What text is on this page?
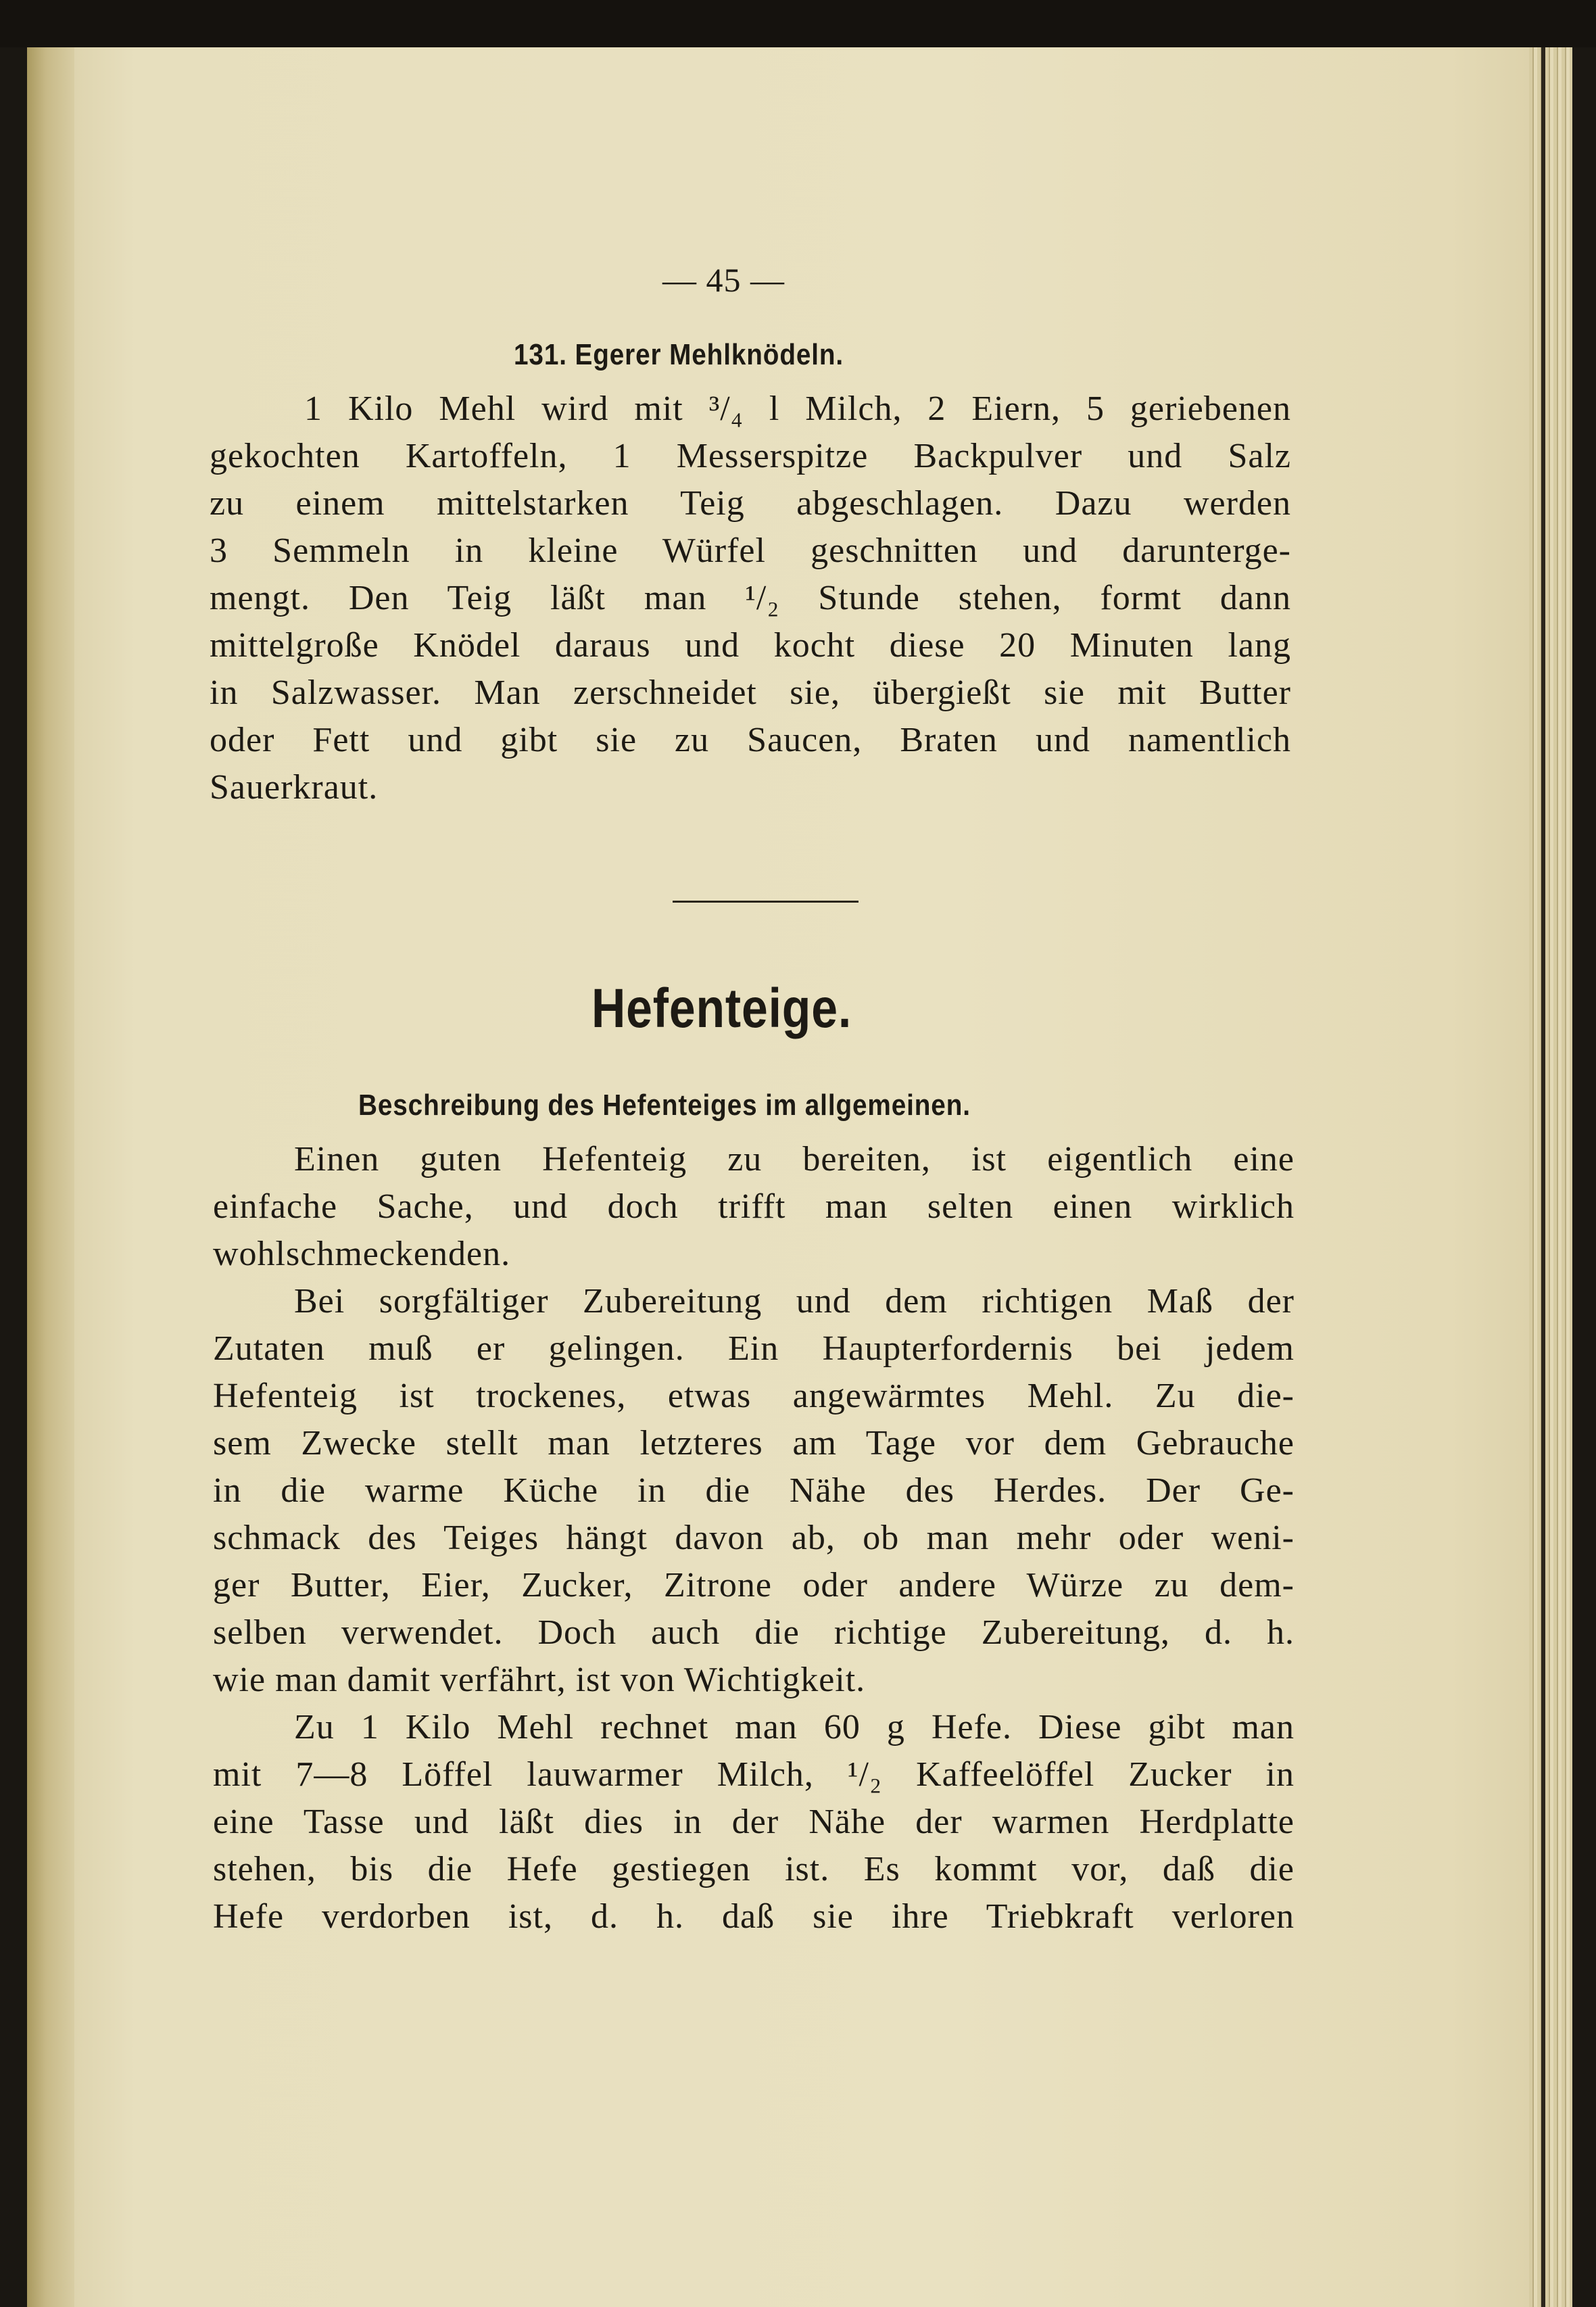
— 45 —
131. Egerer Mehlknödeln.
1 Kilo Mehl wird mit ³/₄ l Milch, 2 Eiern, 5 geriebenen
gekochten Kartoffeln, 1 Messerspitze Backpulver und Salz
zu einem mittelstarken Teig abgeschlagen. Dazu werden
3 Semmeln in kleine Würfel geschnitten und darunterge-
mengt. Den Teig läßt man ¹/₂ Stunde stehen, formt dann
mittelgroße Knödel daraus und kocht diese 20 Minuten lang
in Salzwasser. Man zerschneidet sie, übergießt sie mit Butter
oder Fett und gibt sie zu Saucen, Braten und namentlich
Sauerkraut.
Hefenteige.
Beschreibung des Hefenteiges im allgemeinen.
Einen guten Hefenteig zu bereiten, ist eigentlich eine
einfache Sache, und doch trifft man selten einen wirklich
wohlschmeckenden.
Bei sorgfältiger Zubereitung und dem richtigen Maß der
Zutaten muß er gelingen. Ein Haupterfordernis bei jedem
Hefenteig ist trockenes, etwas angewärmtes Mehl. Zu die-
sem Zwecke stellt man letzteres am Tage vor dem Gebrauche
in die warme Küche in die Nähe des Herdes. Der Ge-
schmack des Teiges hängt davon ab, ob man mehr oder weni-
ger Butter, Eier, Zucker, Zitrone oder andere Würze zu dem-
selben verwendet. Doch auch die richtige Zubereitung, d. h.
wie man damit verfährt, ist von Wichtigkeit.
Zu 1 Kilo Mehl rechnet man 60 g Hefe. Diese gibt man
mit 7—8 Löffel lauwarmer Milch, ¹/₂ Kaffeelöffel Zucker in
eine Tasse und läßt dies in der Nähe der warmen Herdplatte
stehen, bis die Hefe gestiegen ist. Es kommt vor, daß die
Hefe verdorben ist, d. h. daß sie ihre Triebkraft verloren
